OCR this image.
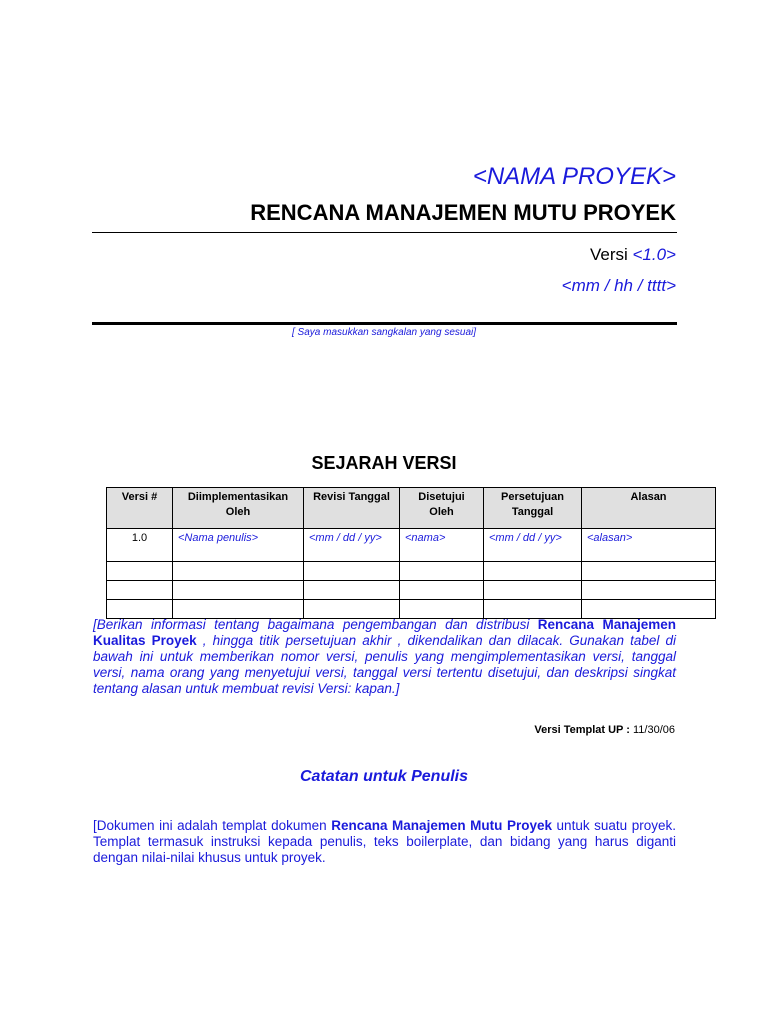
<NAMA PROYEK>
RENCANA MANAJEMEN MUTU PROYEK
Versi <1.0>
<mm / hh / tttt>
[ Saya masukkan sangkalan yang sesuai]
SEJARAH VERSI
Versi #	Diimplementasikan Oleh	Revisi Tanggal	Disetujui Oleh	Persetujuan Tanggal	Alasan
1.0	<Nama penulis>	<mm / dd / yy>	<nama>	<mm / dd / yy>	<alasan>

[Berikan informasi tentang bagaimana pengembangan dan distribusi Rencana Manajemen Kualitas Proyek , hingga titik persetujuan akhir , dikendalikan dan dilacak. Gunakan tabel di bawah ini untuk memberikan nomor versi, penulis yang mengimplementasikan versi, tanggal versi, nama orang yang menyetujui versi, tanggal versi tertentu disetujui, dan deskripsi singkat tentang alasan untuk membuat revisi Versi: kapan.]
Versi Templat UP : 11/30/06
Catatan untuk Penulis
[Dokumen ini adalah templat dokumen Rencana Manajemen Mutu Proyek untuk suatu proyek. Templat termasuk instruksi kepada penulis, teks boilerplate, dan bidang yang harus diganti dengan nilai-nilai khusus untuk proyek.
